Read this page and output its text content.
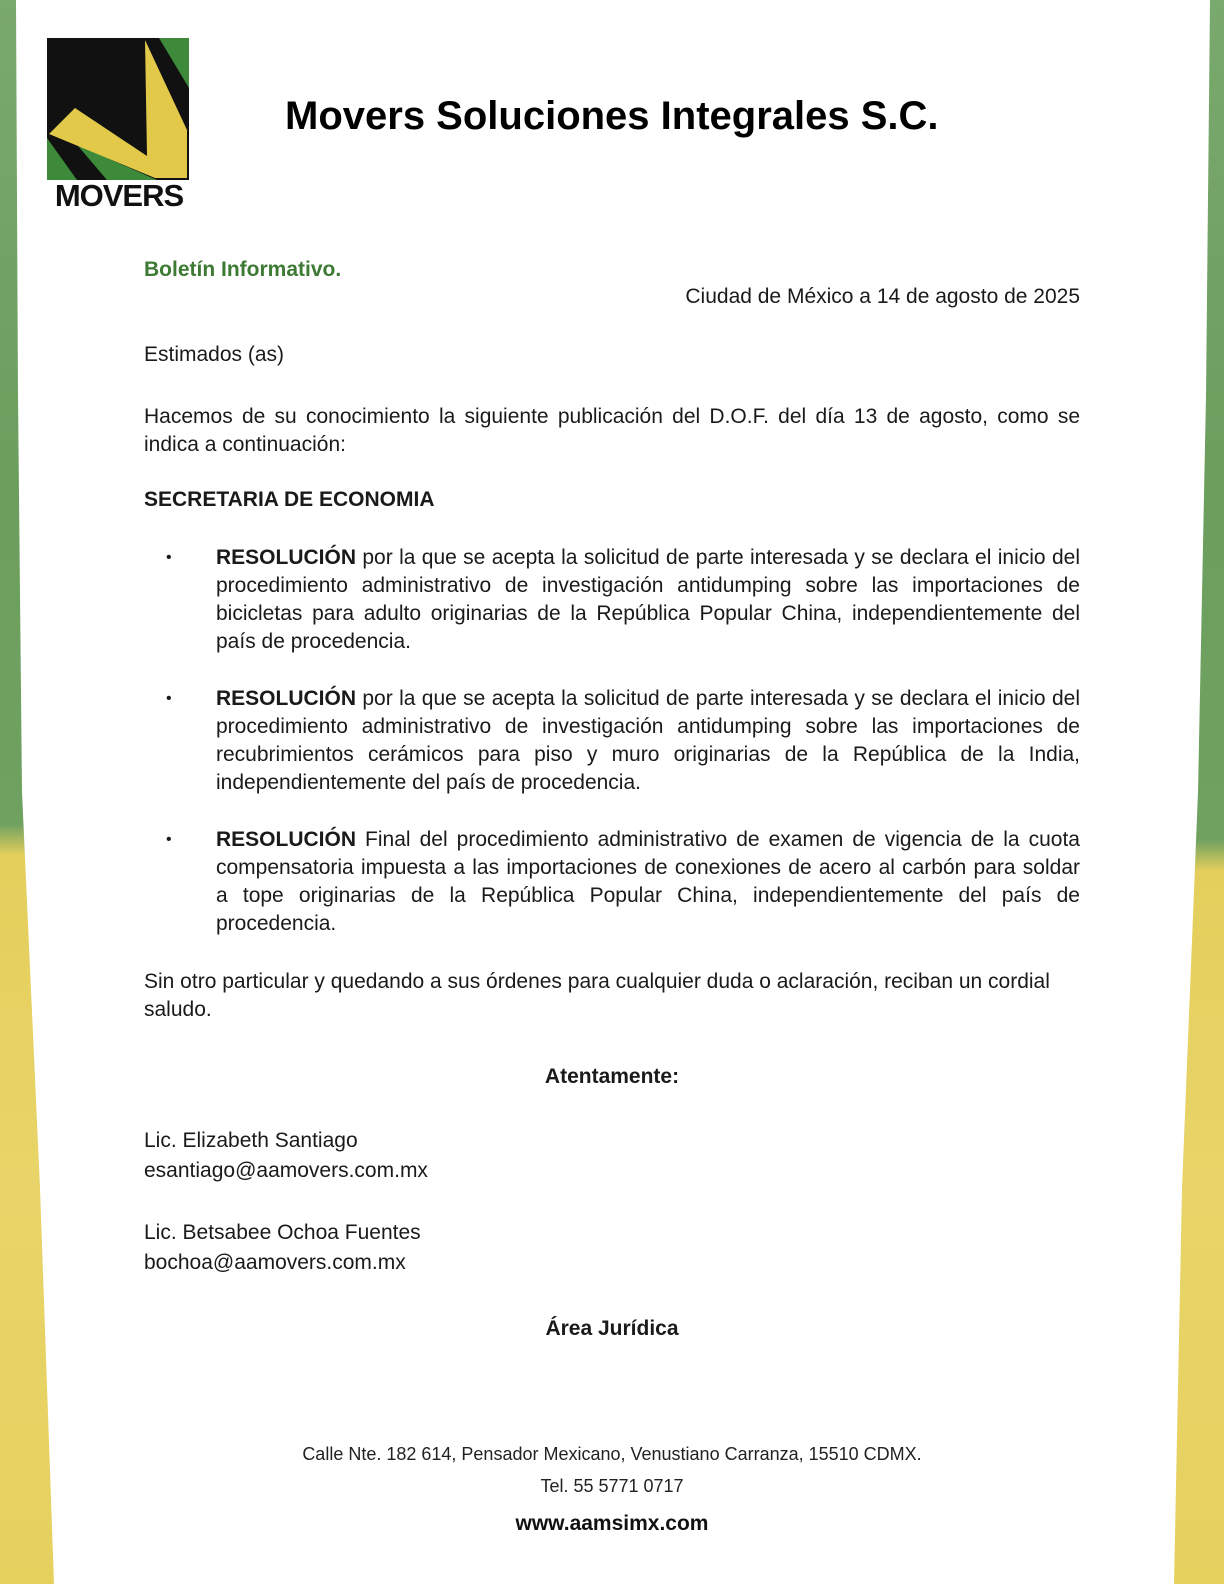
MOVERS
Movers Soluciones Integrales S.C.
Boletín Informativo.
Ciudad de México a 14 de agosto de 2025
Estimados (as)
Hacemos de su conocimiento la siguiente publicación del D.O.F. del día 13 de agosto, como se indica a continuación:
SECRETARIA DE ECONOMIA
• RESOLUCIÓN por la que se acepta la solicitud de parte interesada y se declara el inicio del procedimiento administrativo de investigación antidumping sobre las importaciones de bicicletas para adulto originarias de la República Popular China, independientemente del país de procedencia.
• RESOLUCIÓN por la que se acepta la solicitud de parte interesada y se declara el inicio del procedimiento administrativo de investigación antidumping sobre las importaciones de recubrimientos cerámicos para piso y muro originarias de la República de la India, independientemente del país de procedencia.
• RESOLUCIÓN Final del procedimiento administrativo de examen de vigencia de la cuota compensatoria impuesta a las importaciones de conexiones de acero al carbón para soldar a tope originarias de la República Popular China, independientemente del país de procedencia.
Sin otro particular y quedando a sus órdenes para cualquier duda o aclaración, reciban un cordial saludo.
Atentamente:
Lic. Elizabeth Santiago
esantiago@aamovers.com.mx
Lic. Betsabee Ochoa Fuentes
bochoa@aamovers.com.mx
Área Jurídica
Calle Nte. 182 614, Pensador Mexicano, Venustiano Carranza, 15510 CDMX.
Tel. 55 5771 0717
www.aamsimx.com
